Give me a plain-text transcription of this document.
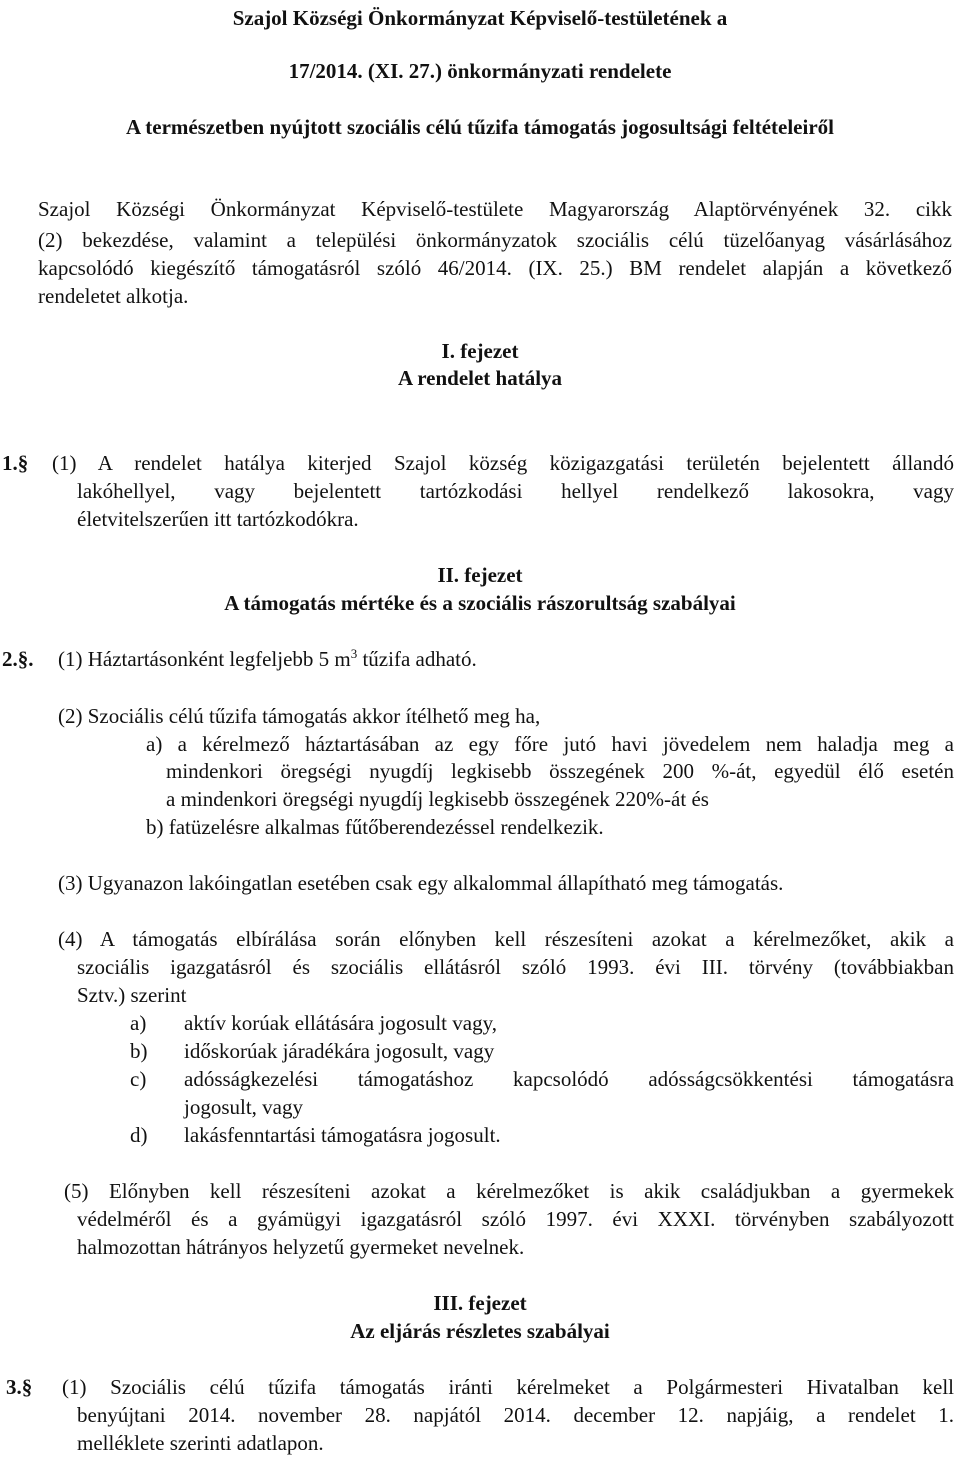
Szajol Községi Önkormányzat Képviselő-testületének a
17/2014. (XI. 27.) önkormányzati rendelete
A természetben nyújtott szociális célú tűzifa támogatás jogosultsági feltételeiről
Szajol Községi Önkormányzat Képviselő-testülete Magyarország Alaptörvényének 32. cikk
(2) bekezdése, valamint a települési önkormányzatok szociális célú tüzelőanyag vásárlásához
kapcsolódó kiegészítő támogatásról szóló 46/2014. (IX. 25.) BM rendelet alapján a következő
rendeletet alkotja.
I. fejezet
A rendelet hatálya
1.§ (1) A rendelet hatálya kiterjed Szajol község közigazgatási területén bejelentett állandó
lakóhellyel, vagy bejelentett tartózkodási hellyel rendelkező lakosokra, vagy
életvitelszerűen itt tartózkodókra.
II. fejezet
A támogatás mértéke és a szociális rászorultság szabályai
2.§. (1) Háztartásonként legfeljebb 5 $m^3$ tűzifa adható.
(2) Szociális célú tűzifa támogatás akkor ítélhető meg ha,
a) a kérelmező háztartásában az egy főre jutó havi jövedelem nem haladja meg a
mindenkori öregségi nyugdíj legkisebb összegének 200 %-át, egyedül élő esetén
a mindenkori öregségi nyugdíj legkisebb összegének 220%-át és
b) fatüzelésre alkalmas fűtőberendezéssel rendelkezik.
(3) Ugyanazon lakóingatlan esetében csak egy alkalommal állapítható meg támogatás.
(4) A támogatás elbírálása során előnyben kell részesíteni azokat a kérelmezőket, akik a
szociális igazgatásról és szociális ellátásról szóló 1993. évi III. törvény (továbbiakban
Sztv.) szerint
a) aktív korúak ellátására jogosult vagy,
b) időskorúak járadékára jogosult, vagy
c) adósságkezelési támogatáshoz kapcsolódó adósságcsökkentési támogatásra
jogosult, vagy
d) lakásfenntartási támogatásra jogosult.
(5) Előnyben kell részesíteni azokat a kérelmezőket is akik családjukban a gyermekek
védelméről és a gyámügyi igazgatásról szóló 1997. évi XXXI. törvényben szabályozott
halmozottan hátrányos helyzetű gyermeket nevelnek.
III. fejezet
Az eljárás részletes szabályai
3.§ (1) Szociális célú tűzifa támogatás iránti kérelmeket a Polgármesteri Hivatalban kell
benyújtani 2014. november 28. napjától 2014. december 12. napjáig, a rendelet 1.
melléklete szerinti adatlapon.
